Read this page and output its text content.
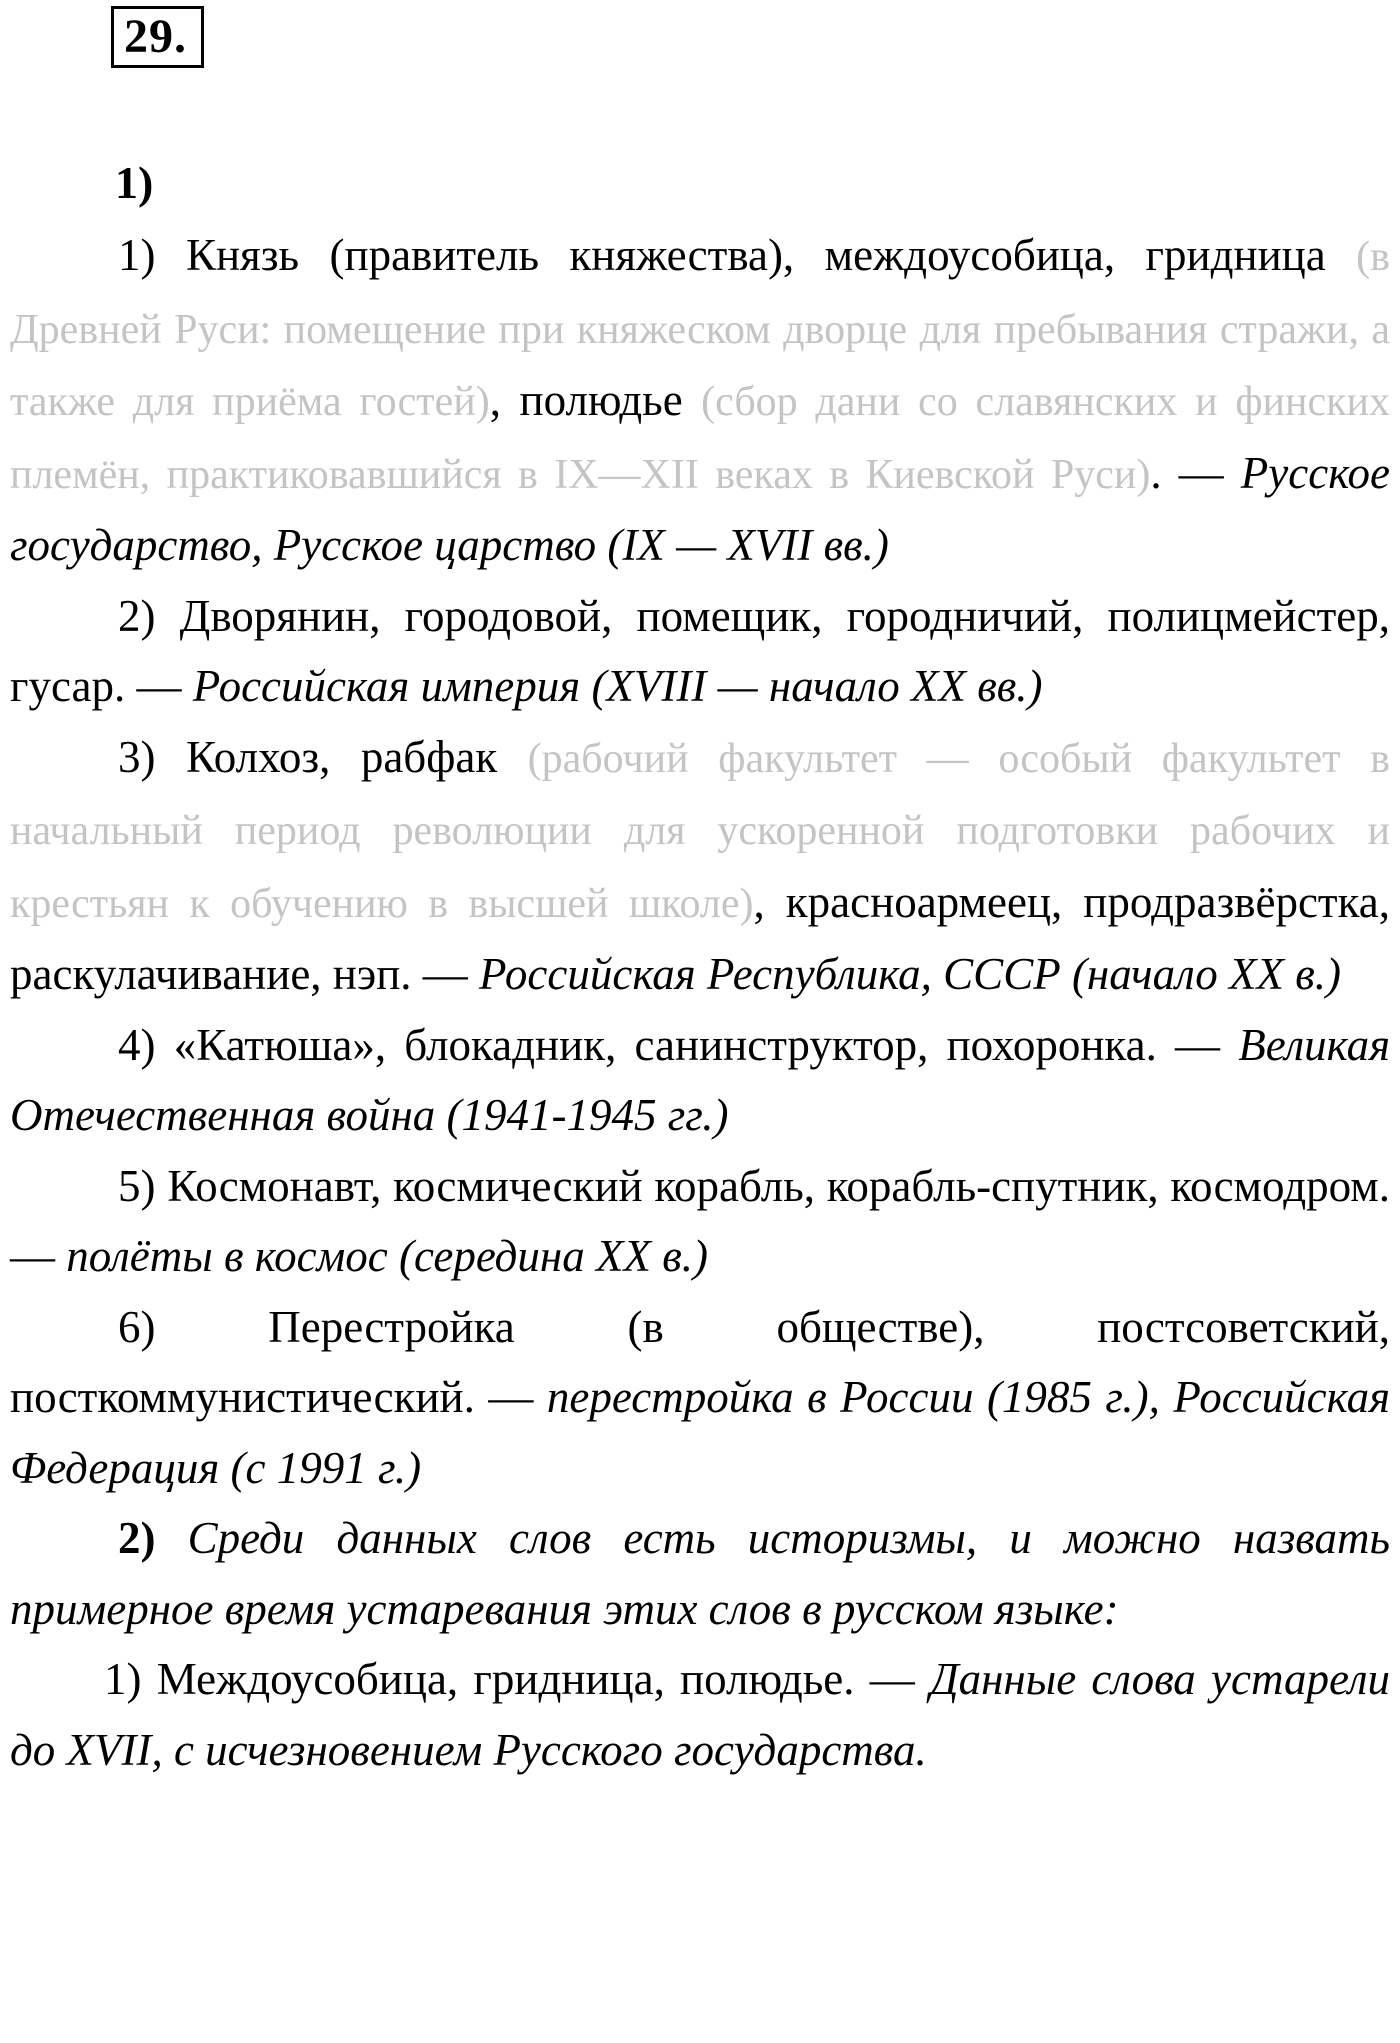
29.
1)

1) Князь (правитель княжества), междоусобица, гридница (в Древней Руси: помещение при княжеском дворце для пребывания стражи, а также для приёма гостей), полюдье (сбор дани со славянских и финских племён, практиковавшийся в IX—XII веках в Киевской Руси). — Русское государство, Русское царство (IX — XVII вв.)

2) Дворянин, городовой, помещик, городничий, полицмейстер, гусар. — Российская империя (XVIII — начало XX вв.)

3) Колхоз, рабфак (рабочий факультет — особый факультет в начальный период революции для ускоренной подготовки рабочих и крестьян к обучению в высшей школе), красноармеец, продразвёрстка, раскулачивание, нэп. — Российская Республика, СССР (начало XX в.)

4) «Катюша», блокадник, санинструктор, похоронка. — Великая Отечественная война (1941-1945 гг.)

5) Космонавт, космический корабль, корабль-спутник, космодром. — полёты в космос (середина XX в.)

6)	Перестройка (в обществе), постсоветский, посткоммунистический. — перестройка в России (1985 г.), Российская Федерация (с 1991 г.)

2) Среди данных слов есть историзмы, и можно назвать примерное время устаревания этих слов в русском языке:

1) Междоусобица, гридница, полюдье. — Данные слова устарели до XVII, с исчезновением Русского государства.
